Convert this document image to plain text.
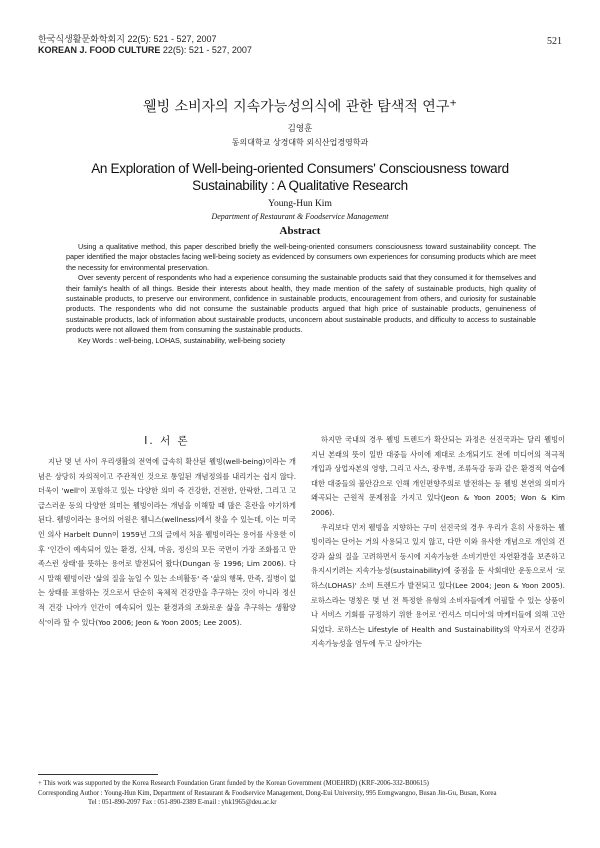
한국식생활문화학회지 22(5): 521 - 527, 2007
KOREAN J. FOOD CULTURE 22(5): 521 - 527, 2007
521
웰빙 소비자의 지속가능성의식에 관한 탐색적 연구+
김영훈
동의대학교 상경대학 외식산업경영학과
An Exploration of Well-being-oriented Consumers' Consciousness toward
Sustainability : A Qualitative Research
Young-Hun Kim
Department of Restaurant & Foodservice Management
Abstract

Using a qualitative method, this paper described briefly the well-being-oriented consumers consciousness toward sustainability concept. The paper identified the major obstacles facing well-being society as evidenced by consumers own experiences for consuming products which are meet the necessity for environmental preservation.

Over seventy percent of respondents who had a experience consuming the sustainable products said that they consumed it for themselves and their family's health of all things. Beside their interests about health, they made mention of the safety of sustainable products, high quality of sustainable products, to preserve our environment, confidence in sustainable products, encouragement from others, and curiosity for sustainable products. The respondents who did not consume the sustainable products argued that high price of sustainable products, genuineness of sustainable products, lack of information about sustainable products, unconcern about sustainable products, and difficulty to access to sustainable products were not allowed them from consuming the sustainable products.

Key Words : well-being, LOHAS, sustainability, well-being society

Ⅰ. 서 론

지난 몇 년 사이 우리생활의 전역에 급속히 확산된 웰빙(well-being)이라는 개념은 상당히 자의적이고 주관적인 것으로 통일된 개념정의를 내리기는 쉽지 않다. 더욱이 'well'이 포함하고 있는 다양한 의미 즉 건강한, 건전한, 안락한, 그리고 고급스러운 등의 다양한 의미는 웰빙이라는 개념을 이해할 때 많은 혼란을 야기하게 된다. 웰빙이라는 용어의 어원은 웰니스(wellness)에서 찾을 수 있는데, 이는 미국인 의사 Harbelt Dunn이 1959년 그의 글에서 처음 웰빙이라는 용어를 사용한 이후 '인간이 예속되어 있는 환경, 신체, 마음, 정신의 모든 국면이 가장 조화롭고 만족스런 상태'를 뜻하는 용어로 발전되어 왔다(Dungan 등 1996; Lim 2006). 다시 말해 웰빙이란 '삶의 질을 높일 수 있는 소비활동' 즉 '삶의 행복, 만족, 질병이 없는 상태를 포함하는 것으로서 단순히 육체적 건강만을 추구하는 것이 아니라 정신적 건강 나아가 인간이 예속되어 있는 환경과의 조화로운 삶을 추구하는 생활양식'이라 할 수 있다(Yoo 2006; Jeon & Yoon 2005; Lee 2005).

하지만 국내의 경우 웰빙 트렌드가 확산되는 과정은 선진국과는 달리 웰빙이 지닌 본래의 뜻이 일반 대중들 사이에 제대로 소개되기도 전에 미디어의 적극적 개입과 상업자본의 영향, 그리고 사스, 광우병, 조류독감 등과 같은 환경적 역습에 대한 대중들의 불안감으로 인해 개인편향주의로 발전하는 등 웰빙 본연의 의미가 왜곡되는 근원적 문제점을 가지고 있다(Jeon & Yoon 2005; Won & Kim 2006).

우리보다 먼저 웰빙을 지향하는 구미 선진국의 경우 우리가 흔히 사용하는 웰빙이라는 단어는 거의 사용되고 있지 않고, 다만 이와 유사한 개념으로 개인의 건강과 삶의 질을 고려하면서 동시에 지속가능한 소비기반인 자연환경을 보존하고 유지시키려는 지속가능성(sustainability)에 중점을 둔 사회대안 운동으로서 '로하스(LOHAS)' 소비 트렌드가 발전되고 있다(Lee 2004; Jeon & Yoon 2005). 로하스라는 명칭은 몇 년 전 특정한 유형의 소비자들에게 어필할 수 있는 상품이나 서비스 기회를 규정하기 위한 용어로 '컨셔스 미디어'의 마케터들에 의해 고안되었다. 로하스는 Lifestyle of Health and Sustainability의 약자로서 건강과 지속가능성을 염두에 두고 살아가는

+ This work was supported by the Korea Research Foundation Grant funded by the Korean Government (MOEHRD) (KRF-2006-332-B00615)
Corresponding Author : Young-Hun Kim, Department of Restaurant & Foodservice Management, Dong-Eui University, 995 Eomgwangno, Busan Jin-Gu, Busan, Korea
Tel : 051-890-2097 Fax : 051-890-2389 E-mail : yhk1965@deu.ac.kr
